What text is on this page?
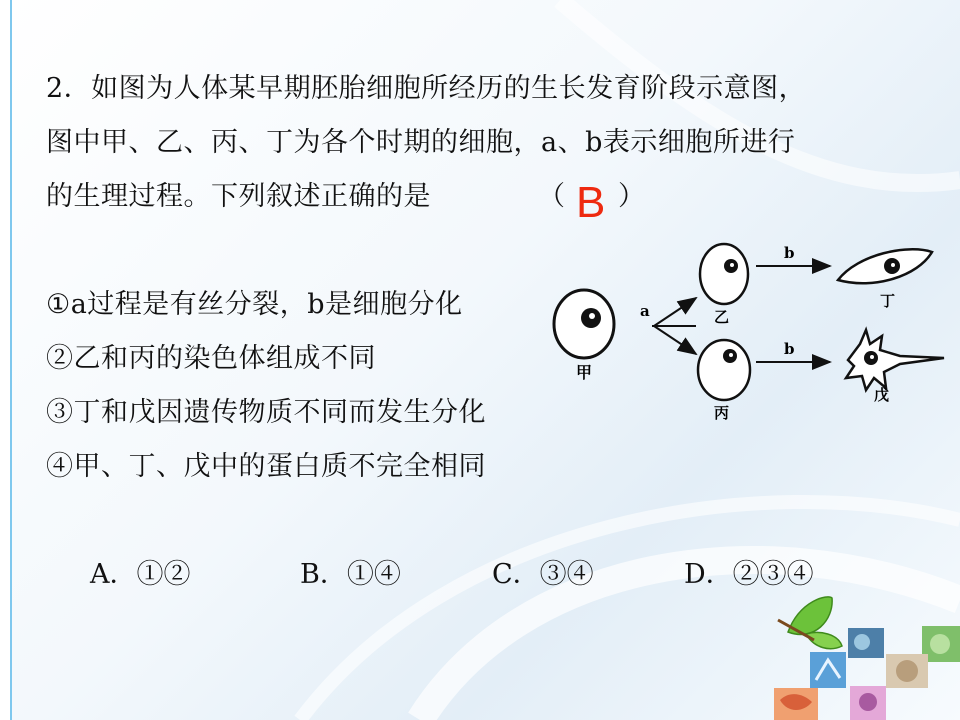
2．如图为人体某早期胚胎细胞所经历的生长发育阶段示意图，
图中甲、乙、丙、丁为各个时期的细胞，a、b表示细胞所进行
的生理过程。下列叙述正确的是	（ B ）
①a过程是有丝分裂，b是细胞分化
②乙和丙的染色体组成不同
③丁和戊因遗传物质不同而发生分化
④甲、丁、戊中的蛋白质不完全相同
A．①②	B．①④	C．③④	D．②③④
甲
a	乙
丙
b
b
丁
戊
